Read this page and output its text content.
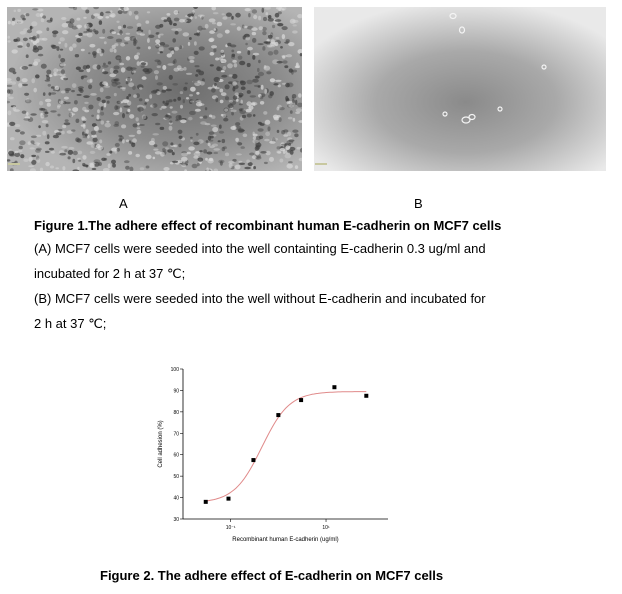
A	B
Figure 1.The adhere effect of recombinant human E-cadherin on MCF7 cells
(A) MCF7 cells were seeded into the well containting E-cadherin 0.3 ug/ml and
incubated for 2 h at 37 ℃;
(B) MCF7 cells were seeded into the well without E-cadherin and incubated for
2 h at 37 ℃;
30
40
50
60
70
80
90
100
10⁻¹	10¹
Recombinant human E-cadherin (ug/ml)
Cell adhesion (%)
Figure 2. The adhere effect of E-cadherin on MCF7 cells
